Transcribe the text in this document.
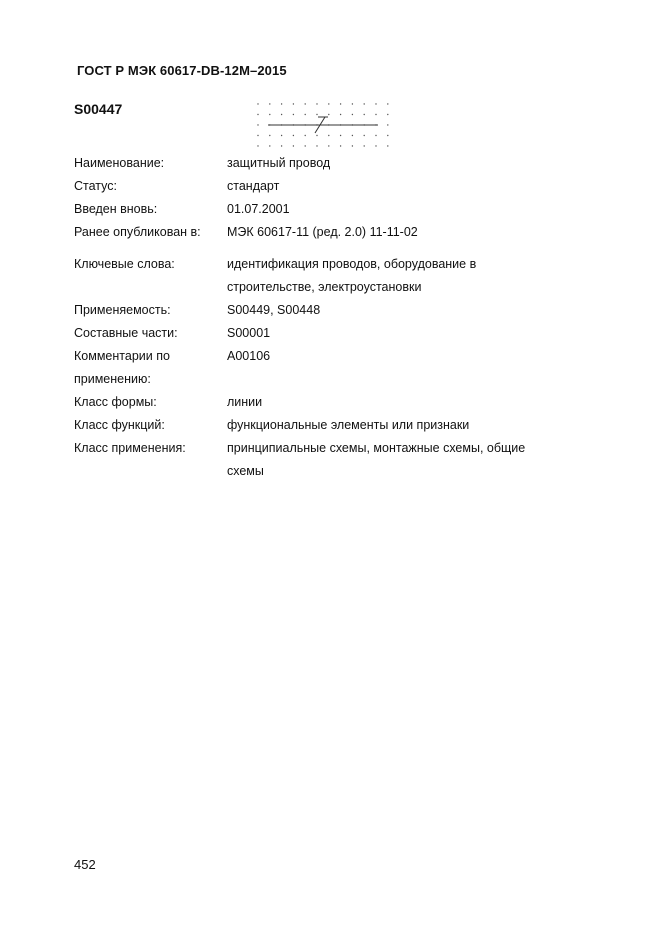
ГОСТ Р МЭК 60617-DB-12M–2015
S00447
Наименование:	защитный провод
Статус:	стандарт
Введен вновь:	01.07.2001
Ранее опубликован в:	МЭК 60617-11 (ред. 2.0) 11-11-02
Ключевые слова:	идентификация проводов, оборудование в строительстве, электроустановки
Применяемость:	S00449, S00448
Составные части:	S00001
Комментарии по применению:
A00106
Класс формы:	линии
Класс функций:	функциональные элементы или признаки
Класс применения:	принципиальные схемы, монтажные схемы, общие схемы
452
